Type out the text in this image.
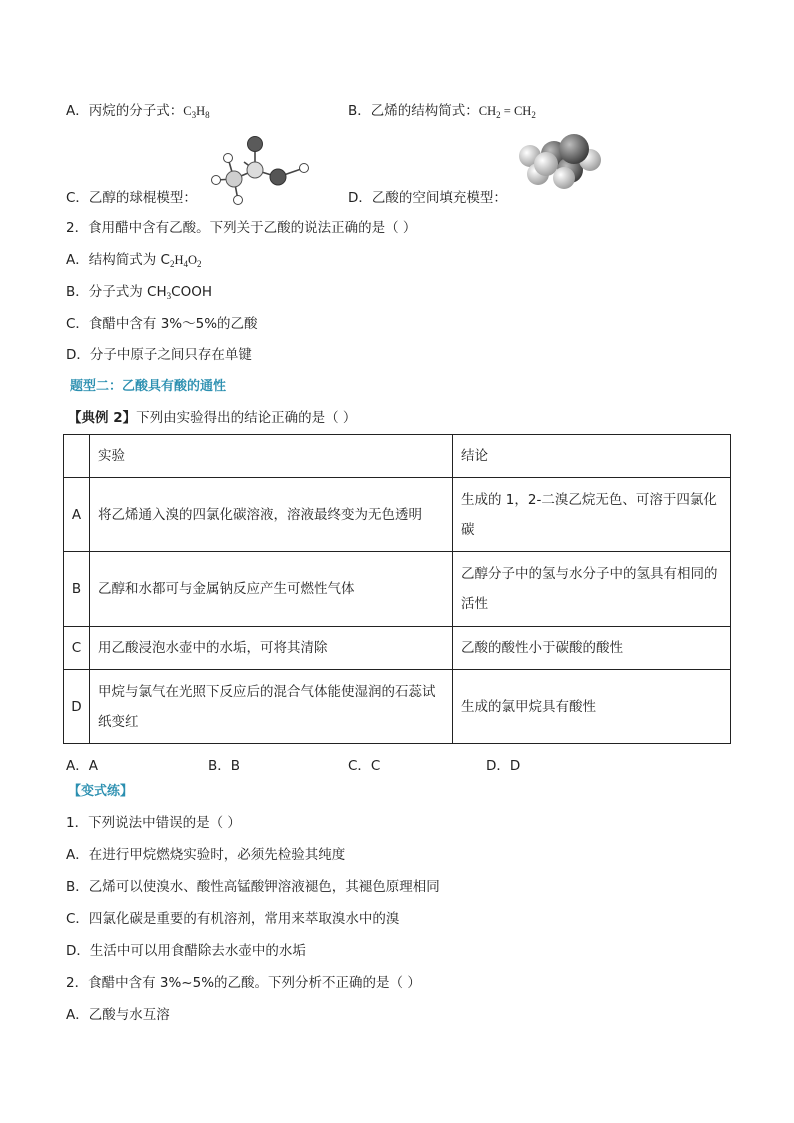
A．丙烷的分子式：$C_3H_8$	B．乙烯的结构简式：$CH_2 = CH_2$
C．乙醇的球棍模型：	D．乙酸的空间填充模型：
2．食用醋中含有乙酸。下列关于乙酸的说法正确的是（ ）
A．结构简式为 $C_2H_4O_2$
B．分子式为 $CH_3COOH$
C．食醋中含有 3%～5%的乙酸
D．分子中原子之间只存在单键
题型二：乙酸具有酸的通性
【典例 2】下列由实验得出的结论正确的是（ ）
	实验	结论
A	将乙烯通入溴的四氯化碳溶液，溶液最终变为无色透明	生成的 1，2-二溴乙烷无色、可溶于四氯化碳
B	乙醇和水都可与金属钠反应产生可燃性气体	乙醇分子中的氢与水分子中的氢具有相同的活性
C	用乙酸浸泡水壶中的水垢，可将其清除	乙酸的酸性小于碳酸的酸性
D	甲烷与氯气在光照下反应后的混合气体能使湿润的石蕊试纸变红	生成的氯甲烷具有酸性
A．A	B．B	C．C	D．D
【变式练】
1．下列说法中错误的是（ ）
A．在进行甲烷燃烧实验时，必须先检验其纯度
B．乙烯可以使溴水、酸性高锰酸钾溶液褪色，其褪色原理相同
C．四氯化碳是重要的有机溶剂，常用来萃取溴水中的溴
D．生活中可以用食醋除去水壶中的水垢
2．食醋中含有 3%~5%的乙酸。下列分析不正确的是（ ）
A．乙酸与水互溶
